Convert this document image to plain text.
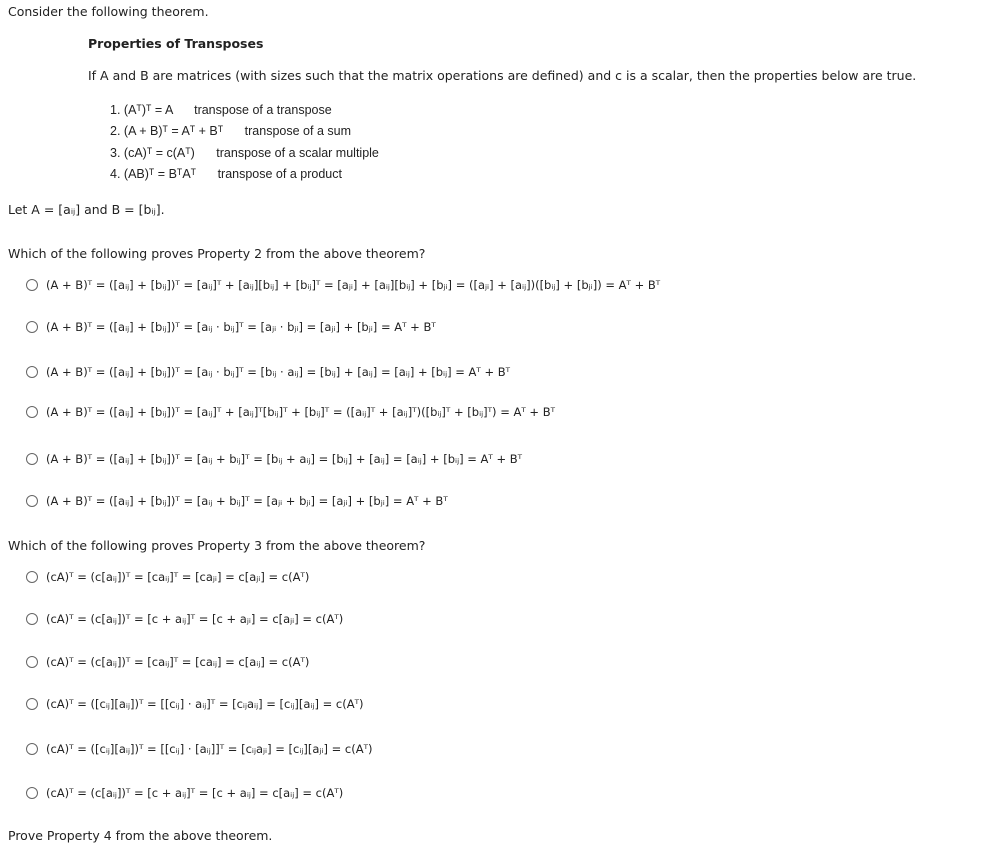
Consider the following theorem.
Properties of Transposes
If A and B are matrices (with sizes such that the matrix operations are defined) and c is a scalar, then the properties below are true.
1. (Aᵀ)ᵀ = A transpose of a transpose
2. (A + B)ᵀ = Aᵀ + Bᵀ transpose of a sum
3. (cA)ᵀ = c(Aᵀ) transpose of a scalar multiple
4. (AB)ᵀ = BᵀAᵀ transpose of a product
Let A = [aᵢⱼ] and B = [bᵢⱼ].
Which of the following proves Property 2 from the above theorem?
(A + B)ᵀ = ([aᵢⱼ] + [bᵢⱼ])ᵀ = [aᵢⱼ]ᵀ + [aᵢⱼ][bᵢⱼ] + [bᵢⱼ]ᵀ = [aⱼᵢ] + [aᵢⱼ][bᵢⱼ] + [bⱼᵢ] = ([aⱼᵢ] + [aᵢⱼ])([bᵢⱼ] + [bⱼᵢ]) = Aᵀ + Bᵀ
(A + B)ᵀ = ([aᵢⱼ] + [bᵢⱼ])ᵀ = [aᵢⱼ · bᵢⱼ]ᵀ = [aⱼᵢ · bⱼᵢ] = [aⱼᵢ] + [bⱼᵢ] = Aᵀ + Bᵀ
(A + B)ᵀ = ([aᵢⱼ] + [bᵢⱼ])ᵀ = [aᵢⱼ · bᵢⱼ]ᵀ = [bᵢⱼ · aᵢⱼ] = [bᵢⱼ] + [aᵢⱼ] = [aᵢⱼ] + [bᵢⱼ] = Aᵀ + Bᵀ
(A + B)ᵀ = ([aᵢⱼ] + [bᵢⱼ])ᵀ = [aᵢⱼ]ᵀ + [aᵢⱼ]ᵀ[bᵢⱼ]ᵀ + [bᵢⱼ]ᵀ = ([aᵢⱼ]ᵀ + [aᵢⱼ]ᵀ)([bᵢⱼ]ᵀ + [bᵢⱼ]ᵀ) = Aᵀ + Bᵀ
(A + B)ᵀ = ([aᵢⱼ] + [bᵢⱼ])ᵀ = [aᵢⱼ + bᵢⱼ]ᵀ = [bᵢⱼ + aᵢⱼ] = [bᵢⱼ] + [aᵢⱼ] = [aᵢⱼ] + [bᵢⱼ] = Aᵀ + Bᵀ
(A + B)ᵀ = ([aᵢⱼ] + [bᵢⱼ])ᵀ = [aᵢⱼ + bᵢⱼ]ᵀ = [aⱼᵢ + bⱼᵢ] = [aⱼᵢ] + [bⱼᵢ] = Aᵀ + Bᵀ
Which of the following proves Property 3 from the above theorem?
(cA)ᵀ = (c[aᵢⱼ])ᵀ = [caᵢⱼ]ᵀ = [caⱼᵢ] = c[aⱼᵢ] = c(Aᵀ)
(cA)ᵀ = (c[aᵢⱼ])ᵀ = [c + aᵢⱼ]ᵀ = [c + aⱼᵢ] = c[aⱼᵢ] = c(Aᵀ)
(cA)ᵀ = (c[aᵢⱼ])ᵀ = [caᵢⱼ]ᵀ = [caᵢⱼ] = c[aᵢⱼ] = c(Aᵀ)
(cA)ᵀ = ([cᵢⱼ][aᵢⱼ])ᵀ = [[cᵢⱼ] · aᵢⱼ]ᵀ = [cᵢⱼaᵢⱼ] = [cᵢⱼ][aᵢⱼ] = c(Aᵀ)
(cA)ᵀ = ([cᵢⱼ][aᵢⱼ])ᵀ = [[cᵢⱼ] · [aᵢⱼ]]ᵀ = [cᵢⱼaⱼᵢ] = [cᵢⱼ][aⱼᵢ] = c(Aᵀ)
(cA)ᵀ = (c[aᵢⱼ])ᵀ = [c + aᵢⱼ]ᵀ = [c + aᵢⱼ] = c[aᵢⱼ] = c(Aᵀ)
Prove Property 4 from the above theorem.
